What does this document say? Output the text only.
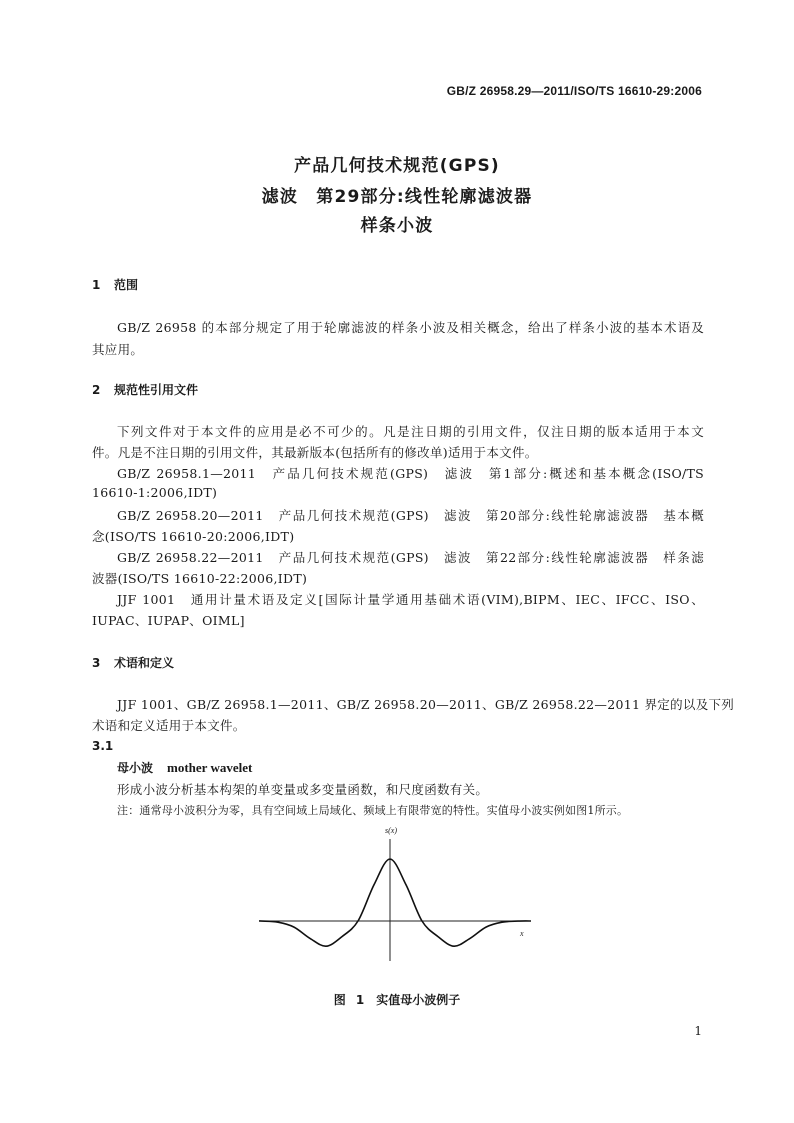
GB/Z 26958.29—2011/ISO/TS 16610-29:2006
产品几何技术规范(GPS)
滤波　第29部分:线性轮廓滤波器
样条小波
1 范围
GB/Z 26958 的本部分规定了用于轮廓滤波的样条小波及相关概念，给出了样条小波的基本术语及
其应用。
2 规范性引用文件
下列文件对于本文件的应用是必不可少的。凡是注日期的引用文件，仅注日期的版本适用于本文
件。凡是不注日期的引用文件，其最新版本(包括所有的修改单)适用于本文件。
GB/Z 26958.1—2011　产品几何技术规范(GPS)　滤波　第1部分:概述和基本概念(ISO/TS
16610-1:2006,IDT)
GB/Z 26958.20—2011　产品几何技术规范(GPS)　滤波　第20部分:线性轮廓滤波器　基本概
念(ISO/TS 16610-20:2006,IDT)
GB/Z 26958.22—2011　产品几何技术规范(GPS)　滤波　第22部分:线性轮廓滤波器　样条滤
波器(ISO/TS 16610-22:2006,IDT)
JJF 1001　通用计量术语及定义[国际计量学通用基础术语(VIM),BIPM、IEC、IFCC、ISO、
IUPAC、IUPAP、OIML]
3 术语和定义
JJF 1001、GB/Z 26958.1—2011、GB/Z 26958.20—2011、GB/Z 26958.22—2011 界定的以及下列
术语和定义适用于本文件。
3.1
母小波 mother wavelet
形成小波分析基本构架的单变量或多变量函数，和尺度函数有关。
注：通常母小波积分为零，具有空间域上局域化、频域上有限带宽的特性。实值母小波实例如图1所示。
s(x)
x
图 1　实值母小波例子
1
